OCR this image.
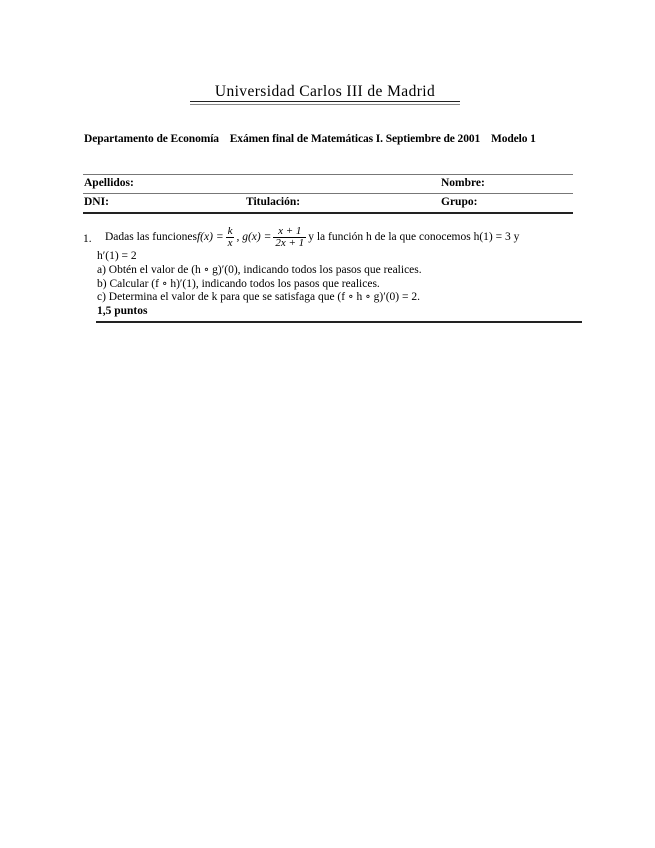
Universidad Carlos III de Madrid
Departamento de Economía Exámen final de Matemáticas I. Septiembre de 2001 Modelo 1
Apellidos:	Nombre:
DNI:	Titulación:	Grupo:
1. Dadas las funcionesf(x) = $\frac{k}{x}$ , $g(x) = \frac{x + 1}{2x + 1}$ y la función h de la que conocemos h(1) = 3 y
h′(1) = 2
a) Obtén el valor de (h ∘ g)′(0), indicando todos los pasos que realices.
b) Calcular (f ∘ h)′(1), indicando todos los pasos que realices.
c) Determina el valor de k para que se satisfaga que (f ∘ h ∘ g)′(0) = 2.
1,5 puntos
